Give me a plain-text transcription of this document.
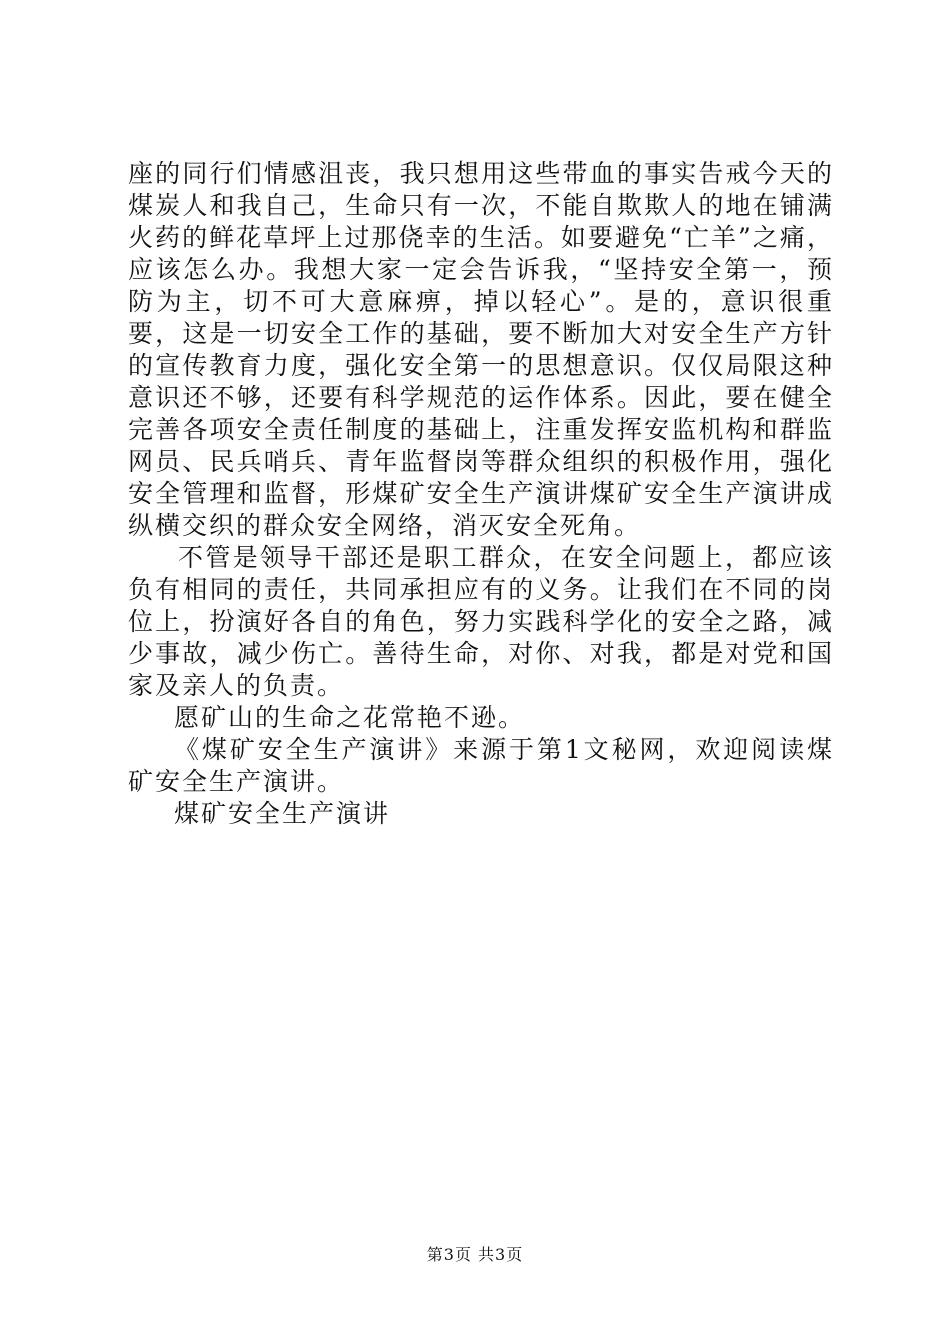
座的同行们情感沮丧，我只想用这些带血的事实告戒今天的煤炭人和我自己，生命只有一次，不能自欺欺人的地在铺满火药的鲜花草坪上过那侥幸的生活。如要避免“亡羊”之痛，应该怎么办。我想大家一定会告诉我，“坚持安全第一，预防为主，切不可大意麻痹，掉以轻心”。是的，意识很重要，这是一切安全工作的基础，要不断加大对安全生产方针的宣传教育力度，强化安全第一的思想意识。仅仅局限这种意识还不够，还要有科学规范的运作体系。因此，要在健全完善各项安全责任制度的基础上，注重发挥安监机构和群监网员、民兵哨兵、青年监督岗等群众组织的积极作用，强化安全管理和监督，形煤矿安全生产演讲煤矿安全生产演讲成纵横交织的群众安全网络，消灭安全死角。

不管是领导干部还是职工群众，在安全问题上，都应该负有相同的责任，共同承担应有的义务。让我们在不同的岗位上，扮演好各自的角色，努力实践科学化的安全之路，减少事故，减少伤亡。善待生命，对你、对我，都是对党和国家及亲人的负责。

愿矿山的生命之花常艳不逊。

《煤矿安全生产演讲》来源于第1文秘网，欢迎阅读煤矿安全生产演讲。

煤矿安全生产演讲

第3页 共3页
